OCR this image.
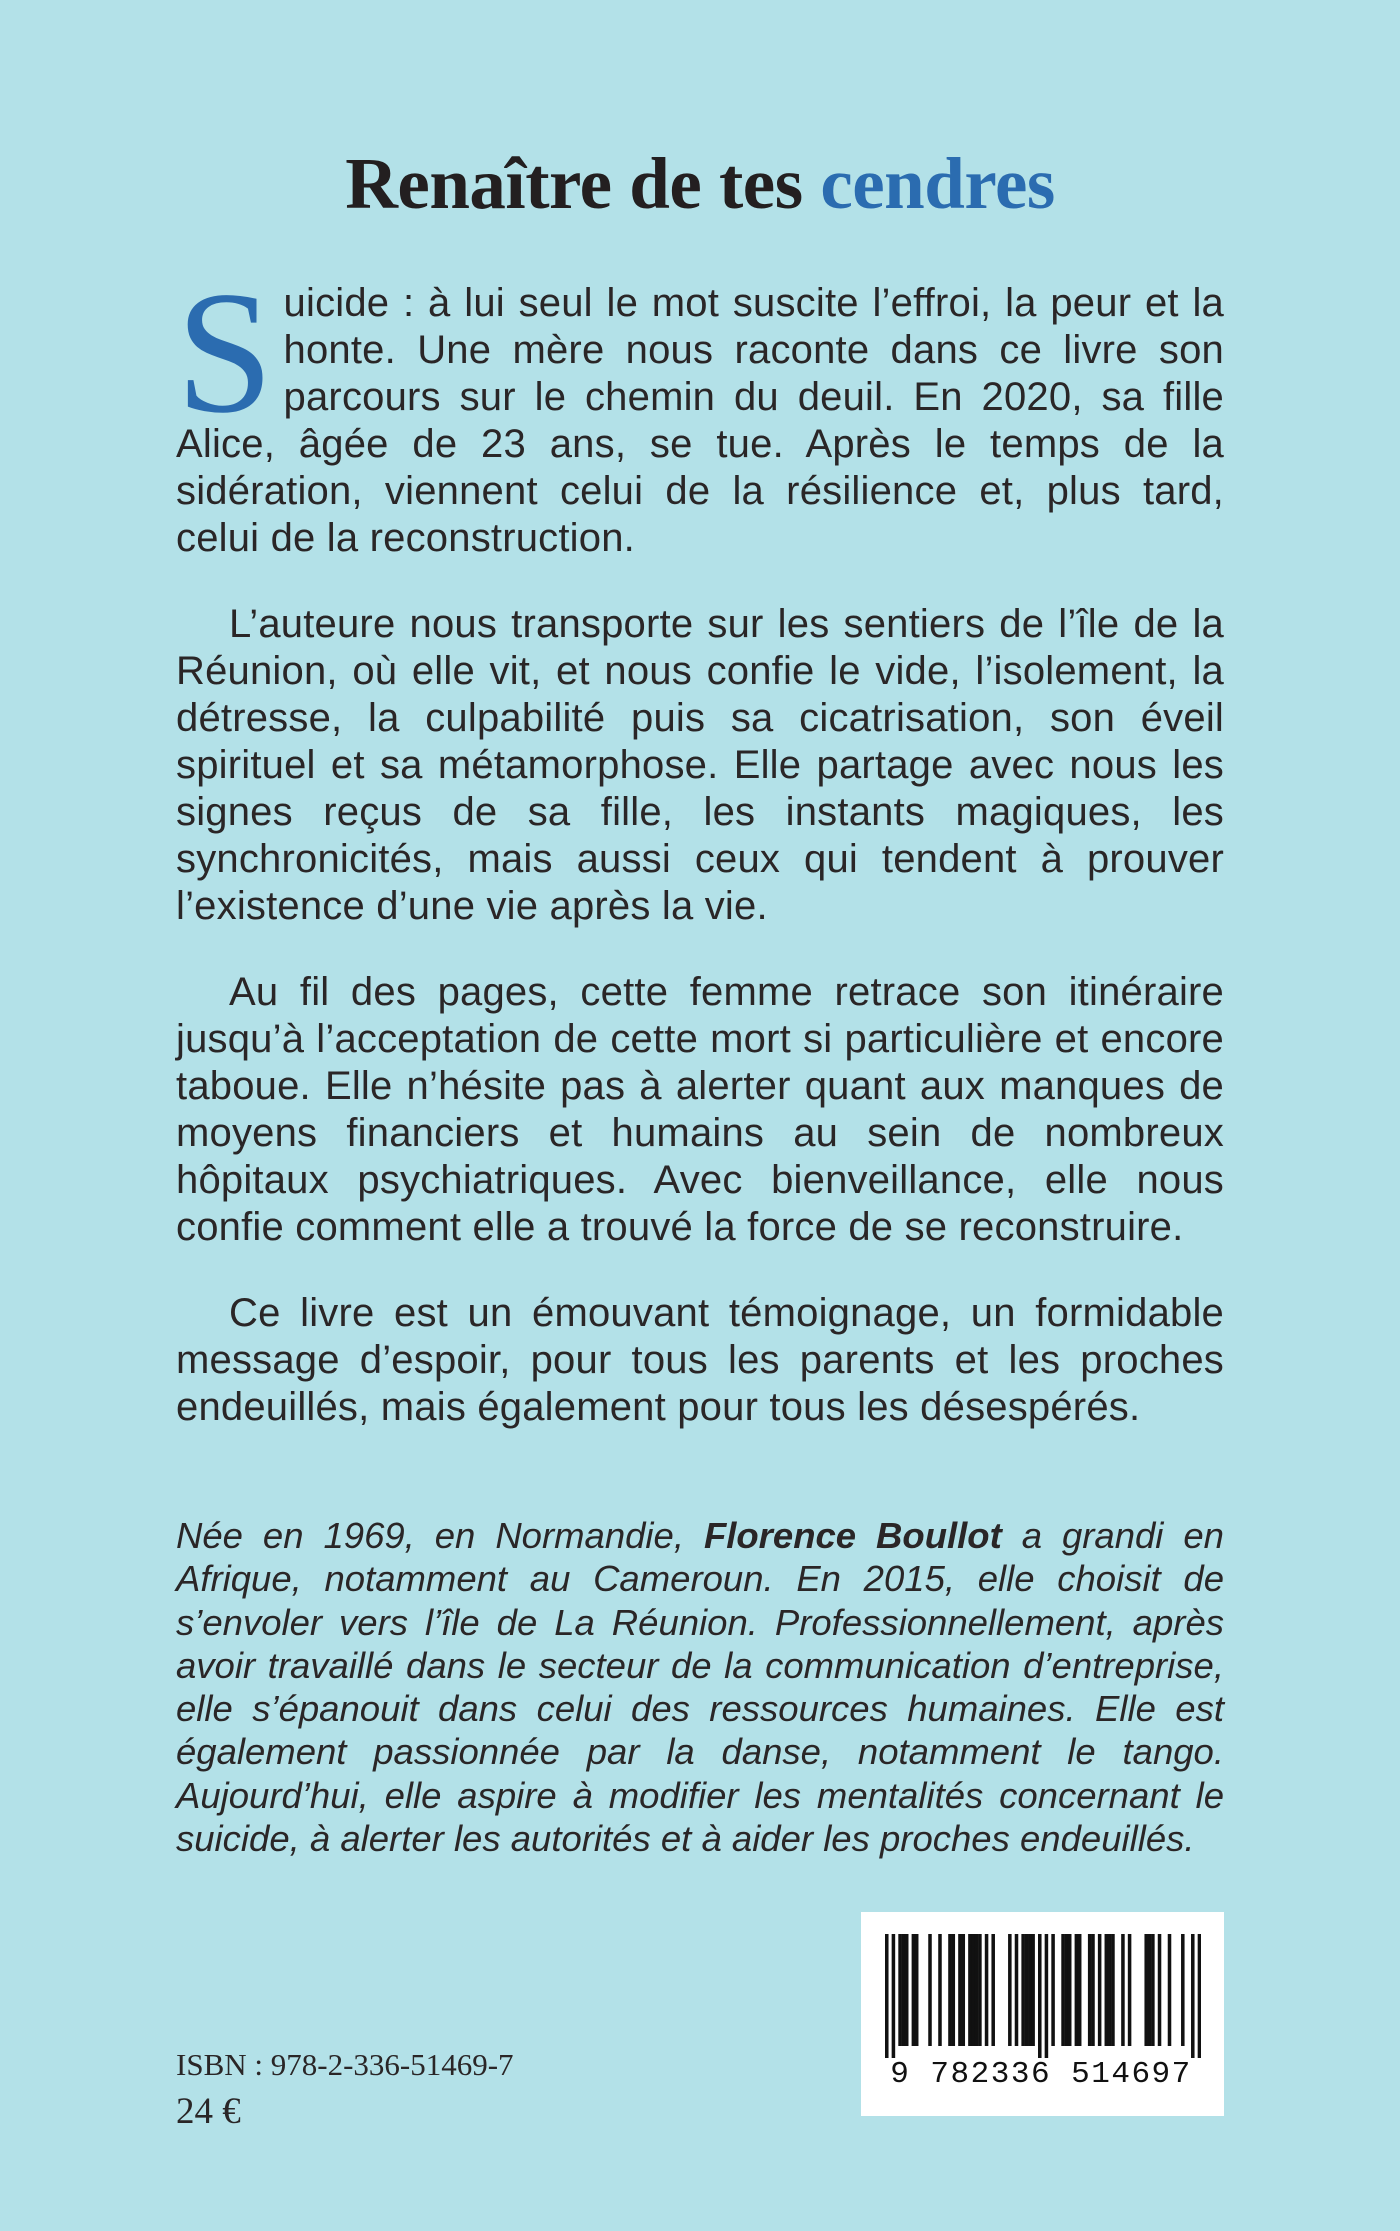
Renaître de tes cendres

Suicide : à lui seul le mot suscite l’effroi, la peur et la honte. Une mère nous raconte dans ce livre son parcours sur le chemin du deuil. En 2020, sa fille Alice, âgée de 23 ans, se tue. Après le temps de la sidération, viennent celui de la résilience et, plus tard, celui de la reconstruction.

L’auteure nous transporte sur les sentiers de l’île de la Réunion, où elle vit, et nous confie le vide, l’isolement, la détresse, la culpabilité puis sa cicatrisation, son éveil spirituel et sa métamorphose. Elle partage avec nous les signes reçus de sa fille, les instants magiques, les synchronicités, mais aussi ceux qui tendent à prouver l’existence d’une vie après la vie.

Au fil des pages, cette femme retrace son itinéraire jusqu’à l’acceptation de cette mort si particulière et encore taboue. Elle n’hésite pas à alerter quant aux manques de moyens financiers et humains au sein de nombreux hôpitaux psychiatriques. Avec bienveillance, elle nous confie comment elle a trouvé la force de se reconstruire.

Ce livre est un émouvant témoignage, un formidable message d’espoir, pour tous les parents et les proches endeuillés, mais également pour tous les désespérés.

Née en 1969, en Normandie, Florence Boullot a grandi en Afrique, notamment au Cameroun. En 2015, elle choisit de s’envoler vers l’île de La Réunion. Professionnellement, après avoir travaillé dans le secteur de la communication d’entreprise, elle s’épanouit dans celui des ressources humaines. Elle est également passionnée par la danse, notamment le tango. Aujourd’hui, elle aspire à modifier les mentalités concernant le suicide, à alerter les autorités et à aider les proches endeuillés.

9 782336 514697
ISBN : 978-2-336-51469-7
24 €
